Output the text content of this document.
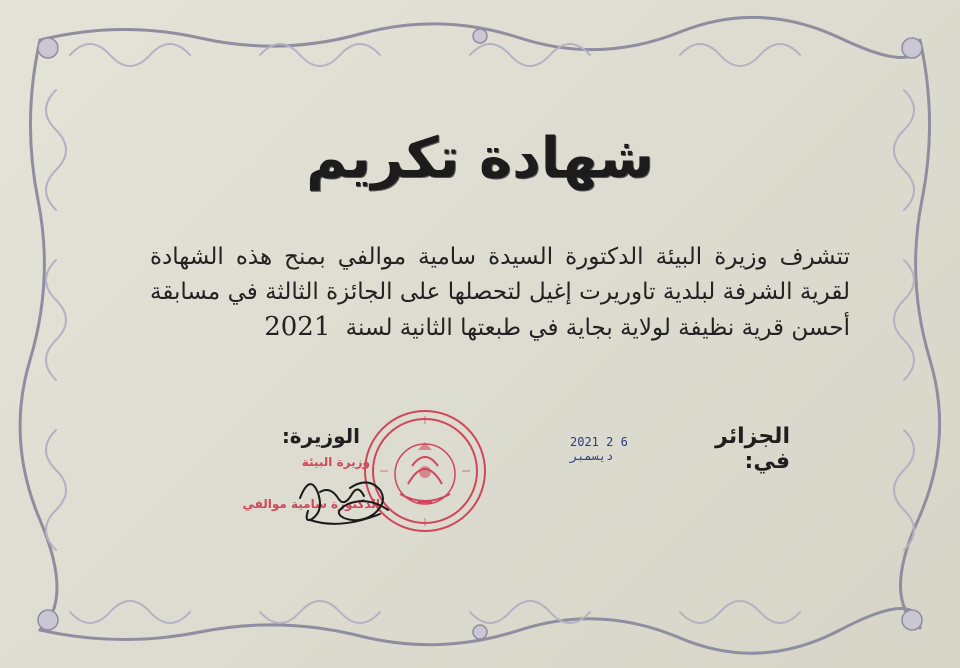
شهادة تكريم
تتشرف وزيرة البيئة الدكتورة السيدة سامية موالفي بمنح هذه الشهادة
لقرية الشرفة لبلدية تاوريرت إغيل لتحصلها على الجائزة الثالثة في مسابقة
أحسن قرية نظيفة لولاية بجاية في طبعتها الثانية لسنة 2021
الجزائر في:
2021 2 6 ديسمبر
الوزيرة:
وزيرة البيئة
الدكتورة سامية موالفي
